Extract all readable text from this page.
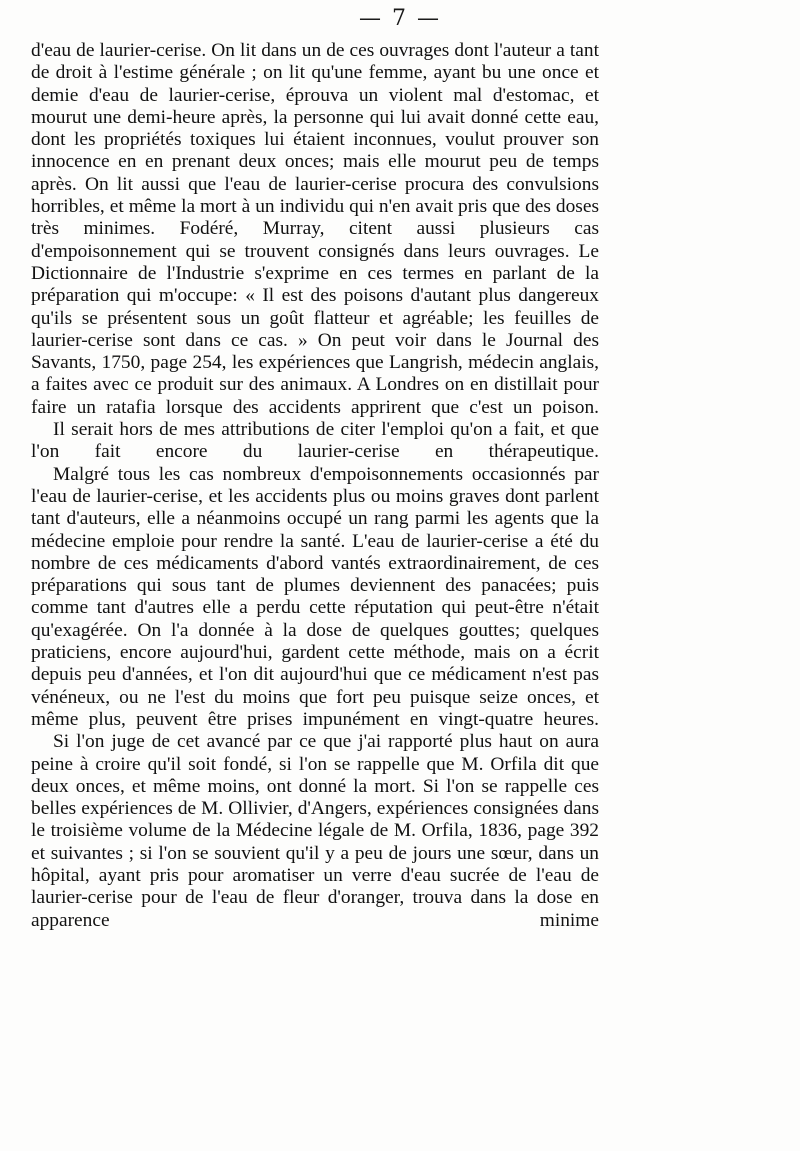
— 7 —

d'eau de laurier-cerise. On lit dans un de ces ouvrages dont l'auteur a tant de droit à l'estime générale ; on lit qu'une femme, ayant bu une once et demie d'eau de laurier-cerise, éprouva un violent mal d'estomac, et mourut une demi-heure après, la personne qui lui avait donné cette eau, dont les propriétés toxiques lui étaient inconnues, voulut prouver son innocence en en prenant deux onces; mais elle mourut peu de temps après. On lit aussi que l'eau de laurier-cerise procura des convulsions horribles, et même la mort à un individu qui n'en avait pris que des doses très minimes. Fodéré, Murray, citent aussi plusieurs cas d'empoisonnement qui se trouvent consignés dans leurs ouvrages. Le Dictionnaire de l'Industrie s'exprime en ces termes en parlant de la préparation qui m'occupe: « Il est des poisons d'autant plus dangereux qu'ils se présentent sous un goût flatteur et agréable; les feuilles de laurier-cerise sont dans ce cas. » On peut voir dans le Journal des Savants, 1750, page 254, les expériences que Langrish, médecin anglais, a faites avec ce produit sur des animaux. A Londres on en distillait pour faire un ratafia lorsque des accidents apprirent que c'est un poison.

Il serait hors de mes attributions de citer l'emploi qu'on a fait, et que l'on fait encore du laurier-cerise en thérapeutique.

Malgré tous les cas nombreux d'empoisonnements occasionnés par l'eau de laurier-cerise, et les accidents plus ou moins graves dont parlent tant d'auteurs, elle a néanmoins occupé un rang parmi les agents que la médecine emploie pour rendre la santé. L'eau de laurier-cerise a été du nombre de ces médicaments d'abord vantés extraordinairement, de ces préparations qui sous tant de plumes deviennent des panacées; puis comme tant d'autres elle a perdu cette réputation qui peut-être n'était qu'exagérée. On l'a donnée à la dose de quelques gouttes; quelques praticiens, encore aujourd'hui, gardent cette méthode, mais on a écrit depuis peu d'années, et l'on dit aujourd'hui que ce médicament n'est pas vénéneux, ou ne l'est du moins que fort peu puisque seize onces, et même plus, peuvent être prises impunément en vingt-quatre heures.

Si l'on juge de cet avancé par ce que j'ai rapporté plus haut on aura peine à croire qu'il soit fondé, si l'on se rappelle que M. Orfila dit que deux onces, et même moins, ont donné la mort. Si l'on se rappelle ces belles expériences de M. Ollivier, d'Angers, expériences consignées dans le troisième volume de la Médecine légale de M. Orfila, 1836, page 392 et suivantes ; si l'on se souvient qu'il y a peu de jours une sœur, dans un hôpital, ayant pris pour aromatiser un verre d'eau sucrée de l'eau de laurier-cerise pour de l'eau de fleur d'oranger, trouva dans la dose en apparence minime
